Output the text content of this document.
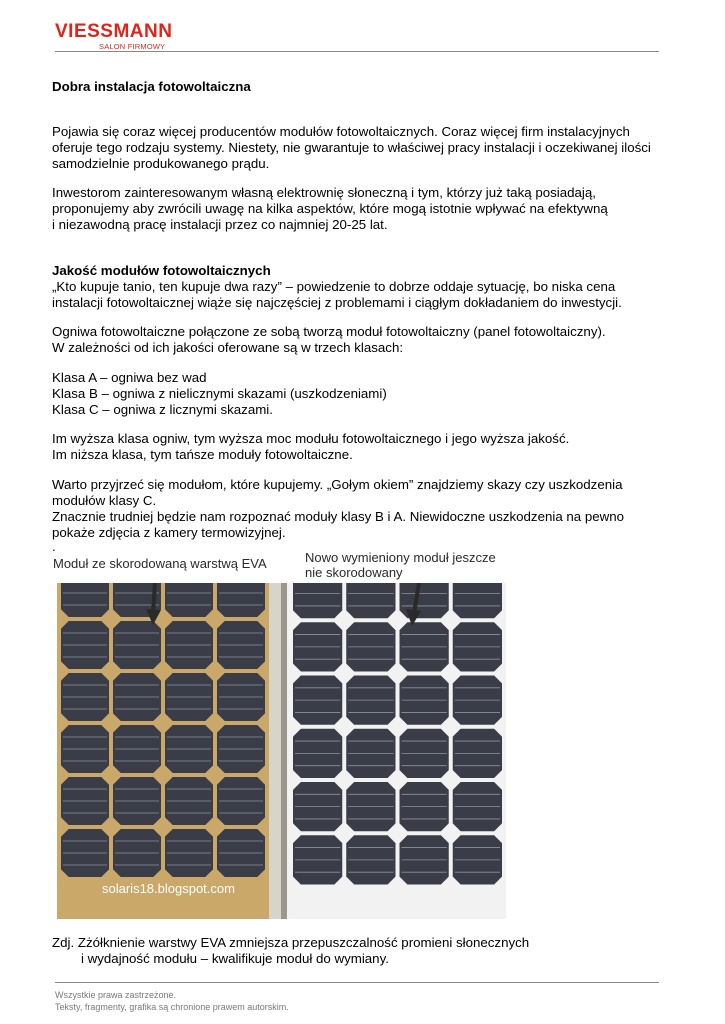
VIESSMANN
SALON FIRMOWY
Dobra instalacja fotowoltaiczna
Pojawia się coraz więcej producentów modułów fotowoltaicznych. Coraz więcej firm instalacyjnych
oferuje tego rodzaju systemy. Niestety, nie gwarantuje to właściwej pracy instalacji i oczekiwanej ilości
samodzielnie produkowanego prądu.
Inwestorom zainteresowanym własną elektrownię słoneczną i tym, którzy już taką posiadają,
proponujemy aby zwrócili uwagę na kilka aspektów, które mogą istotnie wpływać na efektywną
i niezawodną pracę instalacji przez co najmniej 20-25 lat.
Jakość modułów fotowoltaicznych
„Kto kupuje tanio, ten kupuje dwa razy” – powiedzenie to dobrze oddaje sytuację, bo niska cena
instalacji fotowoltaicznej wiąże się najczęściej z problemami i ciągłym dokładaniem do inwestycji.
Ogniwa fotowoltaiczne połączone ze sobą tworzą moduł fotowoltaiczny (panel fotowoltaiczny).
W zależności od ich jakości oferowane są w trzech klasach:
Klasa A – ogniwa bez wad
Klasa B – ogniwa z nielicznymi skazami (uszkodzeniami)
Klasa C – ogniwa z licznymi skazami.
Im wyższa klasa ogniw, tym wyższa moc modułu fotowoltaicznego i jego wyższa jakość.
Im niższa klasa, tym tańsze moduły fotowoltaiczne.
Warto przyjrzeć się modułom, które kupujemy. „Gołym okiem” znajdziemy skazy czy uszkodzenia
modułów klasy C.
Znacznie trudniej będzie nam rozpoznać moduły klasy B i A. Niewidoczne uszkodzenia na pewno
pokaże zdjęcia z kamery termowizyjnej.
.
Moduł ze skorodowaną warstwą EVA	Nowo wymieniony moduł jeszcze
nie skorodowany
solaris18.blogspot.com
Zdj. Zżółknienie warstwy EVA zmniejsza przepuszczalność promieni słonecznych
i wydajność modułu – kwalifikuje moduł do wymiany.
Wszystkie prawa zastrzeżone.
Teksty, fragmenty, grafika są chronione prawem autorskim.
